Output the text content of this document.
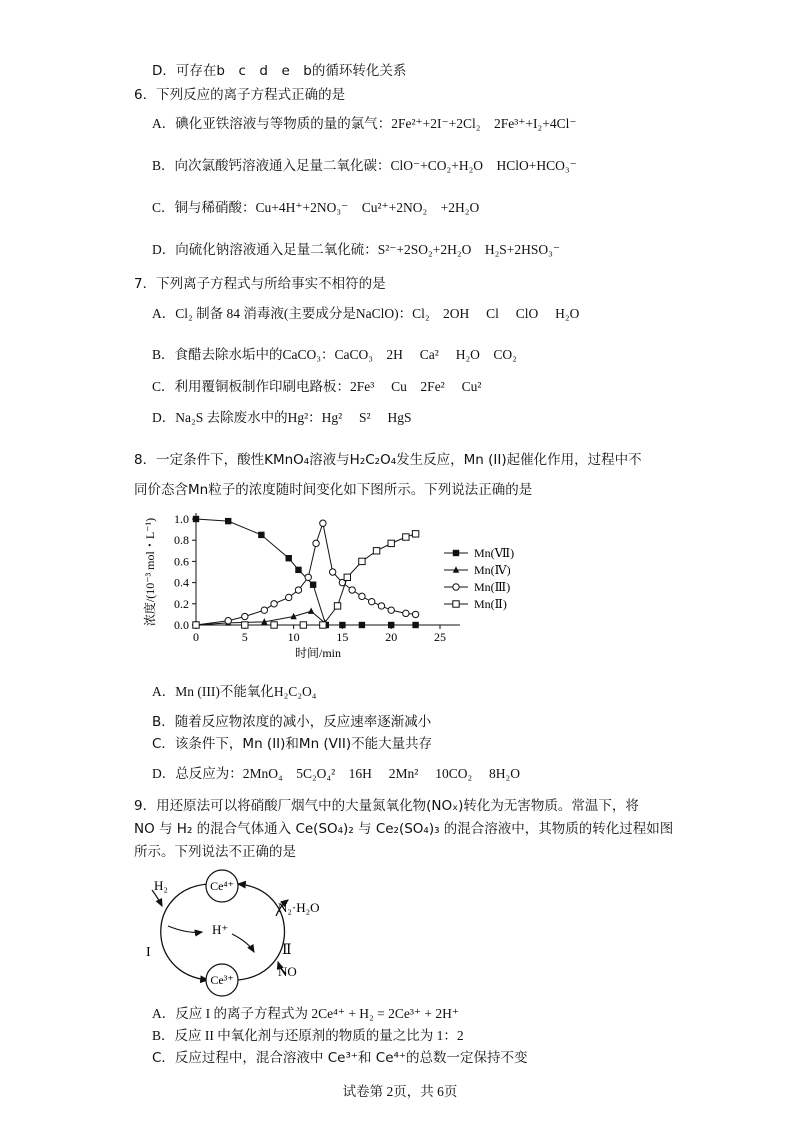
D．可存在b　c　d　e　b的循环转化关系
6．下列反应的离子方程式正确的是
A．碘化亚铁溶液与等物质的量的氯气：2Fe²⁺+2I⁻+2Cl₂　2Fe³⁺+I₂+4Cl⁻
B．向次氯酸钙溶液通入足量二氧化碳：ClO⁻+CO₂+H₂O　HClO+HCO₃⁻
C．铜与稀硝酸：Cu+4H⁺+2NO₃⁻　Cu²⁺+2NO₂　+2H₂O
D．向硫化钠溶液通入足量二氧化硫：S²⁻+2SO₂+2H₂O　H₂S+2HSO₃⁻
7．下列离子方程式与所给事实不相符的是
A．Cl₂ 制备 84 消毒液(主要成分是NaClO)：Cl₂　2OH　 Cl　 ClO　 H₂O
B．食醋去除水垢中的CaCO₃：CaCO₃　2H　 Ca²　 H₂O　CO₂
C．利用覆铜板制作印刷电路板：2Fe³　 Cu　2Fe²　 Cu²
D．Na₂S 去除废水中的Hg²：Hg²　 S²　 HgS
8．一定条件下，酸性KMnO₄溶液与H₂C₂O₄发生反应，Mn (II)起催化作用，过程中不
同价态含Mn粒子的浓度随时间变化如下图所示。下列说法正确的是
0	5	10	15	20	25
0.0
0.2
0.4
0.6
0.8
1.0
时间/min
浓度/(10⁻³ mol・L⁻¹)	Mn(Ⅶ)
Mn(Ⅳ)
Mn(Ⅲ)
Mn(Ⅱ)
A．Mn (III)不能氧化H₂C₂O₄
B．随着反应物浓度的减小，反应速率逐渐减小
C．该条件下，Mn (II)和Mn (VII)不能大量共存
D．总反应为：2MnO₄　5C₂O₄²　16H　 2Mn²　 10CO₂　 8H₂O
9．用还原法可以将硝酸厂烟气中的大量氮氧化物(NOₓ)转化为无害物质。常温下，将
NO 与 H₂ 的混合气体通入 Ce(SO₄)₂ 与 Ce₂(SO₄)₃ 的混合溶液中，其物质的转化过程如图
所示。下列说法不正确的是
Ce⁴⁺
Ce³⁺
H₂
H⁺
N₂·H₂O
NO
I	Ⅱ
A．反应 I 的离子方程式为 2Ce⁴⁺ + H₂ = 2Ce³⁺ + 2H⁺
B．反应 II 中氧化剂与还原剂的物质的量之比为 1：2
C．反应过程中，混合溶液中 Ce³⁺和 Ce⁴⁺的总数一定保持不变
试卷第 2页，共 6页
